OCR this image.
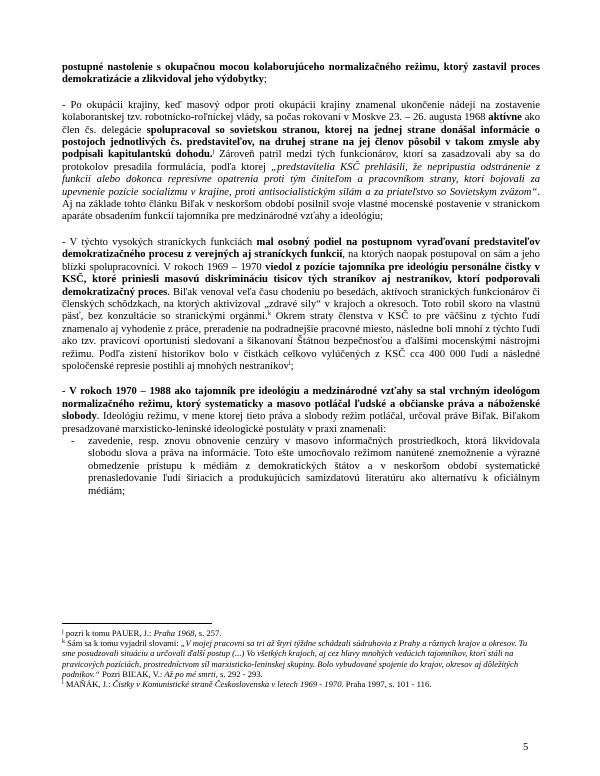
postupné nastolenie s okupačnou mocou kolaborujúceho normalizačného režimu, ktorý zastavil proces demokratizácie a zlikvidoval jeho výdobytky;

- Po okupácii krajiny, keď masový odpor proti okupácii krajiny znamenal ukončenie nádejí na zostavenie kolaborantskej tzv. robotnícko-roľníckej vlády, sa počas rokovaní v Moskve 23. – 26. augusta 1968 aktívne ako člen čs. delegácie spolupracoval so sovietskou stranou, ktorej na jednej strane donášal informácie o postojoch jednotlivých čs. predstaviteľov, na druhej strane na jej členov pôsobil v takom zmysle aby podpisali kapitulantskú dohodu.$^j$ Zároveň patril medzi tých funkcionárov, ktorí sa zasadzovali aby sa do protokolov presadila formulácia, podľa ktorej „predstavitelia KSČ prehlásili, že nepripustia odstránenie z funkcií alebo dokonca represívne opatrenia proti tým činiteľom a pracovníkom strany, ktorí bojovali za upevnenie pozície socializmu v krajine, proti antisocialistickým silám a za priateľstvo so Sovietskym zväzom“. Aj na základe tohto článku Biľak v neskoršom období posilnil svoje vlastné mocenské postavenie v stranickom aparáte obsadením funkcií tajomníka pre medzinárodné vzťahy a ideológiu;

- V týchto vysokých straníckych funkciách mal osobný podiel na postupnom vyraďovaní predstaviteľov demokratizačného procesu z verejných aj straníckych funkcií, na ktorých naopak postupoval on sám a jeho blízki spolupracovníci. V rokoch 1969 – 1970 viedol z pozície tajomníka pre ideológiu personálne čistky v KSČ, ktoré priniesli masovú diskrimináciu tisícov tých straníkov aj nestraníkov, ktorí podporovali demokratizačný proces. Biľak venoval veľa času chodeniu po besedách, aktívoch stranických funkcionárov či členských schôdzkach, na ktorých aktivizoval „zdravé sily“ v krajoch a okresoch. Toto robil skoro na vlastnú päsť, bez konzultácie so stranickými orgánmi.$^k$ Okrem straty členstva v KSČ to pre väčšinu z týchto ľudí znamenalo aj vyhodenie z práce, preradenie na podradnejšie pracovné miesto, následne boli mnohí z týchto ľudí ako tzv. pravicoví oportunisti sledovaní a šikanovaní Štátnou bezpečnosťou a ďalšími mocenskými nástrojmi režimu. Podľa zistení historikov bolo v čistkách celkovo vylúčených z KSČ cca 400 000 ľudí a následné spoločenské represie postihli aj mnohých nestraníkov$^l$;

- V rokoch 1970 – 1988 ako tajomník pre ideológiu a medzinárodné vzťahy sa stal vrchným ideológom normalizačného režimu, ktorý systematicky a masovo potláčal ľudské a občianske práva a náboženské slobody. Ideológiu režimu, v mene ktorej tieto práva a slobody režim potláčal, určoval práve Biľak. Biľakom presadzované marxisticko-leninské ideologické postuláty v praxi znamenali:

- zavedenie, resp. znovu obnovenie cenzúry v masovo informačných prostriedkoch, ktorá likvidovala slobodu slova a práva na informácie. Toto ešte umocňovalo režimom nanútené znemožnenie a výrazné obmedzenie prístupu k médiám z demokratických štátov a v neskoršom období systematické prenasledovanie ľudí šíriacich a produkujúcich samizdatovú literatúru ako alternatívu k oficiálnym médiám;

$^j$ pozri k tomu PAUER, J.: Praha 1968, s. 257.

$^k$ Sám sa k tomu vyjadril slovami: „V mojej pracovni sa tri až štyri týždne schádzali súdruhovia z Prahy a rôznych krajov a okresov. Tu sme posudzovali situáciu a určovali ďalší postup (...) Vo všetkých krajoch, aj cez hlavy mnohých vedúcich tajomníkov, ktorí stáli na pravicových pozíciách, prostredníctvom síl marxisticko-leninskej skupiny. Bolo vybudované spojenie do krajov, okresov aj dôležitých podnikov.“ Pozri BIĽAK, V.: Až po mé smrti, s. 292 - 293.

$^l$ MAŇÁK, J.: Čistky v Komunistické straně Československa v letech 1969 - 1970. Praha 1997, s. 101 - 116.

5
